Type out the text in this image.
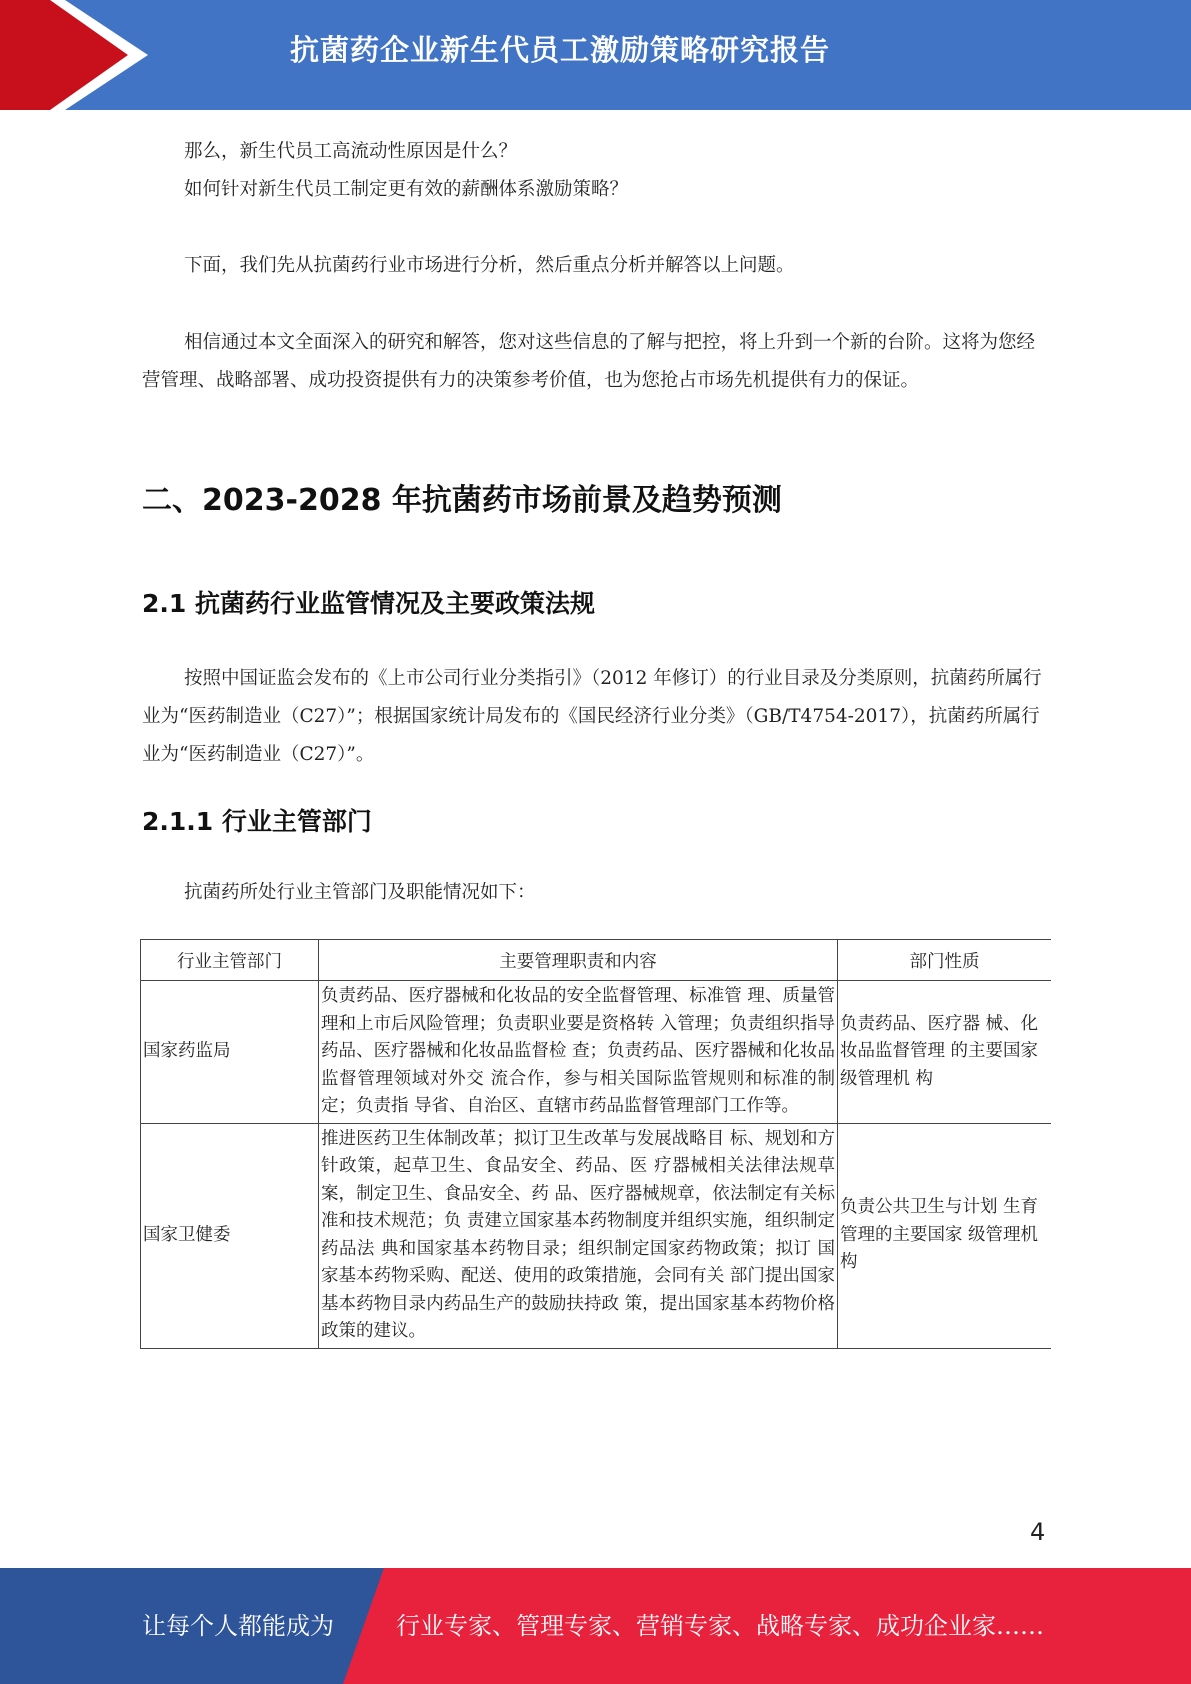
抗菌药企业新生代员工激励策略研究报告

那么，新生代员工高流动性原因是什么？

如何针对新生代员工制定更有效的薪酬体系激励策略？

下面，我们先从抗菌药行业市场进行分析，然后重点分析并解答以上问题。

相信通过本文全面深入的研究和解答，您对这些信息的了解与把控，将上升到一个新的台阶。这将为您经营管理、战略部署、成功投资提供有力的决策参考价值，也为您抢占市场先机提供有力的保证。

二、2023-2028 年抗菌药市场前景及趋势预测
2.1 抗菌药行业监管情况及主要政策法规

按照中国证监会发布的《上市公司行业分类指引》（2012 年修订）的行业目录及分类原则，抗菌药所属行业为“医药制造业（C27）”；根据国家统计局发布的《国民经济行业分类》（GB/T4754-2017），抗菌药所属行业为“医药制造业（C27）”。

2.1.1 行业主管部门

抗菌药所处行业主管部门及职能情况如下：

行业主管部门	主要管理职责和内容	部门性质
国家药监局	负责药品、医疗器械和化妆品的安全监督管理、标准管 理、质量管理和上市后风险管理；负责职业要是资格转 入管理；负责组织指导药品、医疗器械和化妆品监督检 查；负责药品、医疗器械和化妆品监督管理领域对外交 流合作，参与相关国际监管规则和标准的制定；负责指 导省、自治区、直辖市药品监督管理部门工作等。	负责药品、医疗器 械、化妆品监督管理 的主要国家级管理机 构
国家卫健委	推进医药卫生体制改革；拟订卫生改革与发展战略目 标、规划和方针政策，起草卫生、食品安全、药品、医 疗器械相关法律法规草案，制定卫生、食品安全、药 品、医疗器械规章，依法制定有关标准和技术规范；负 责建立国家基本药物制度并组织实施，组织制定药品法 典和国家基本药物目录；组织制定国家药物政策；拟订 国家基本药物采购、配送、使用的政策措施，会同有关 部门提出国家基本药物目录内药品生产的鼓励扶持政 策，提出国家基本药物价格政策的建议。	负责公共卫生与计划 生育管理的主要国家 级管理机构
4
让每个人都能成为	行业专家、管理专家、营销专家、战略专家、成功企业家……
